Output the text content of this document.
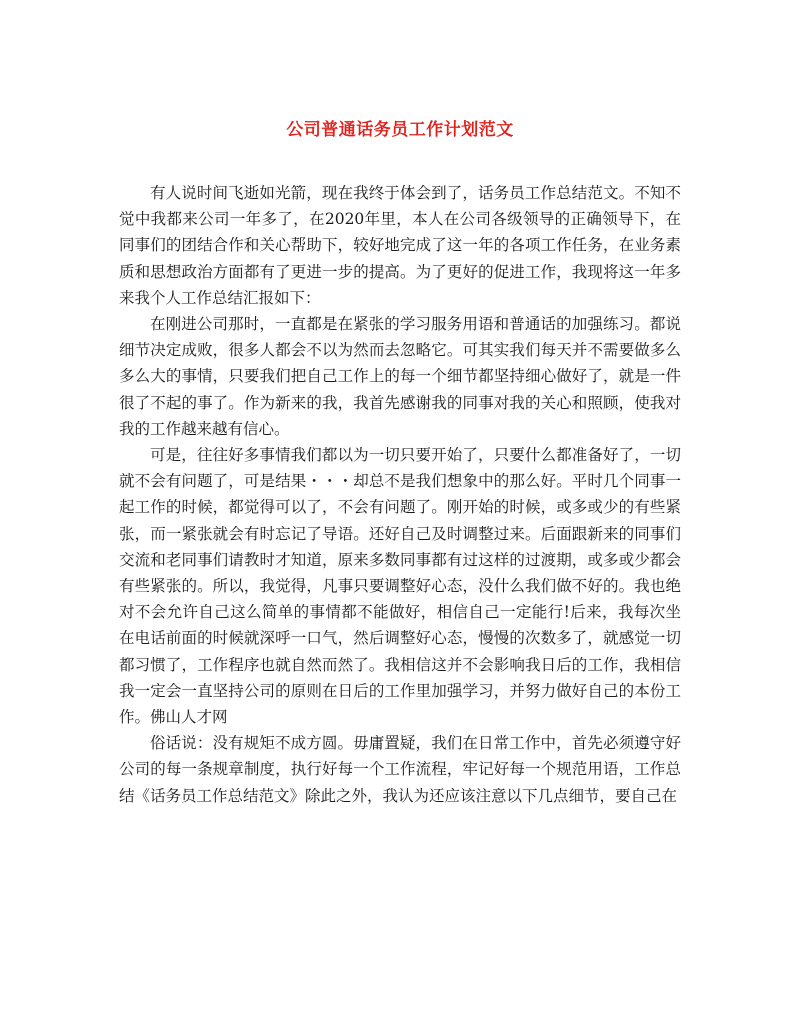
公司普通话务员工作计划范文

有人说时间飞逝如光箭，现在我终于体会到了，话务员工作总结范文。不知不觉中我都来公司一年多了，在2020年里，本人在公司各级领导的正确领导下，在同事们的团结合作和关心帮助下，较好地完成了这一年的各项工作任务，在业务素质和思想政治方面都有了更进一步的提高。为了更好的促进工作，我现将这一年多来我个人工作总结汇报如下：

在刚进公司那时，一直都是在紧张的学习服务用语和普通话的加强练习。都说细节决定成败，很多人都会不以为然而去忽略它。可其实我们每天并不需要做多么多么大的事情，只要我们把自己工作上的每一个细节都坚持细心做好了，就是一件很了不起的事了。作为新来的我，我首先感谢我的同事对我的关心和照顾，使我对我的工作越来越有信心。

可是，往往好多事情我们都以为一切只要开始了，只要什么都准备好了，一切就不会有问题了，可是结果・・・却总不是我们想象中的那么好。平时几个同事一起工作的时候，都觉得可以了，不会有问题了。刚开始的时候，或多或少的有些紧张，而一紧张就会有时忘记了导语。还好自己及时调整过来。后面跟新来的同事们交流和老同事们请教时才知道，原来多数同事都有过这样的过渡期，或多或少都会有些紧张的。所以，我觉得，凡事只要调整好心态，没什么我们做不好的。我也绝对不会允许自己这么简单的事情都不能做好，相信自己一定能行!后来，我每次坐在电话前面的时候就深呼一口气，然后调整好心态，慢慢的次数多了，就感觉一切都习惯了，工作程序也就自然而然了。我相信这并不会影响我日后的工作，我相信我一定会一直坚持公司的原则在日后的工作里加强学习，并努力做好自己的本份工作。佛山人才网

俗话说：没有规矩不成方圆。毋庸置疑，我们在日常工作中，首先必须遵守好公司的每一条规章制度，执行好每一个工作流程，牢记好每一个规范用语，工作总结《话务员工作总结范文》除此之外，我认为还应该注意以下几点细节，要自己在
